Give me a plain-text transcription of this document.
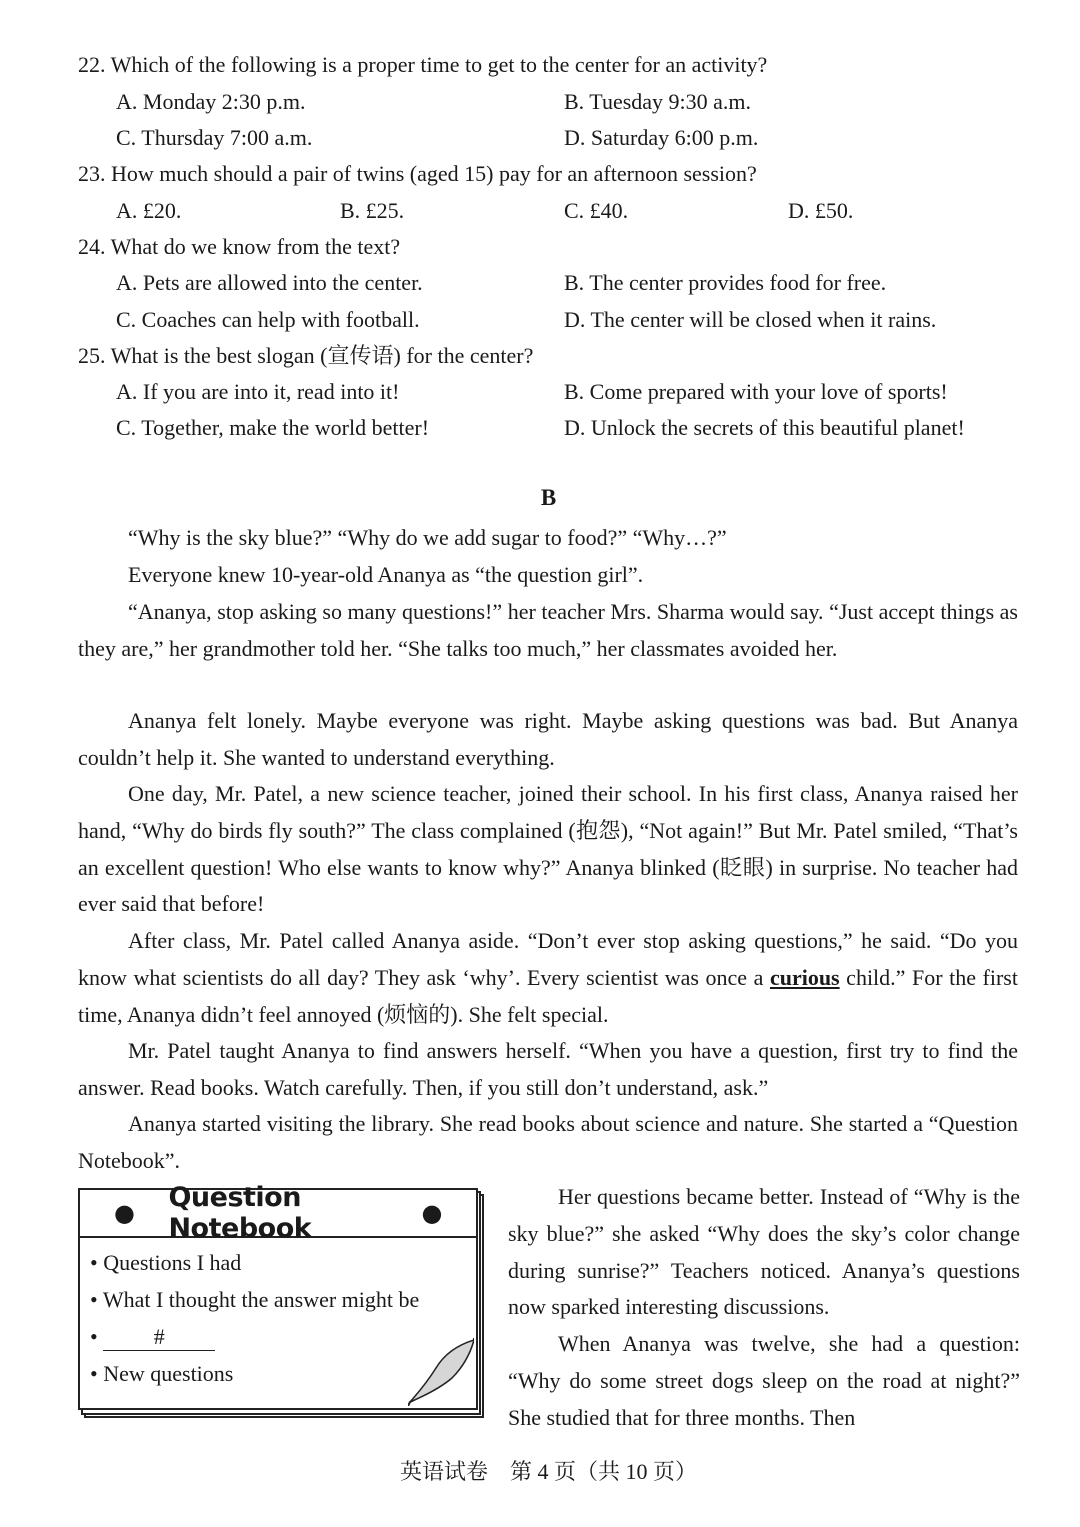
22. Which of the following is a proper time to get to the center for an activity?
A. Monday 2:30 p.m.	B. Tuesday 9:30 a.m.
C. Thursday 7:00 a.m.	D. Saturday 6:00 p.m.
23. How much should a pair of twins (aged 15) pay for an afternoon session?
A. £20.	B. £25.	C. £40.	D. £50.
24. What do we know from the text?
A. Pets are allowed into the center.	B. The center provides food for free.
C. Coaches can help with football.	D. The center will be closed when it rains.
25. What is the best slogan (宣传语) for the center?
A. If you are into it, read into it!	B. Come prepared with your love of sports!
C. Together, make the world better!	D. Unlock the secrets of this beautiful planet!
B
“Why is the sky blue?” “Why do we add sugar to food?” “Why…?”
Everyone knew 10-year-old Ananya as “the question girl”.
“Ananya, stop asking so many questions!” her teacher Mrs. Sharma would say. “Just accept things as they are,” her grandmother told her. “She talks too much,” her classmates avoided her.
Ananya felt lonely. Maybe everyone was right. Maybe asking questions was bad. But Ananya couldn’t help it. She wanted to understand everything.
One day, Mr. Patel, a new science teacher, joined their school. In his first class, Ananya raised her hand, “Why do birds fly south?” The class complained (抱怨), “Not again!” But Mr. Patel smiled, “That’s an excellent question! Who else wants to know why?” Ananya blinked (眨眼) in surprise. No teacher had ever said that before!
After class, Mr. Patel called Ananya aside. “Don’t ever stop asking questions,” he said. “Do you know what scientists do all day? They ask ‘why’. Every scientist was once a curious child.” For the first time, Ananya didn’t feel annoyed (烦恼的). She felt special.
Mr. Patel taught Ananya to find answers herself. “When you have a question, first try to find the answer. Read books. Watch carefully. Then, if you still don’t understand, ask.”
Ananya started visiting the library. She read books about science and nature. She started a “Question Notebook”.
● Question Notebook	●
• Questions I had
• What I thought the answer might be
• #
• New questions
Her questions became better. Instead of “Why is the sky blue?” she asked “Why does the sky’s color change during sunrise?” Teachers noticed. Ananya’s questions now sparked interesting discussions.
When Ananya was twelve, she had a question: “Why do some street dogs sleep on the road at night?” She studied that for three months. Then
英语试卷　第 4 页（共 10 页）
